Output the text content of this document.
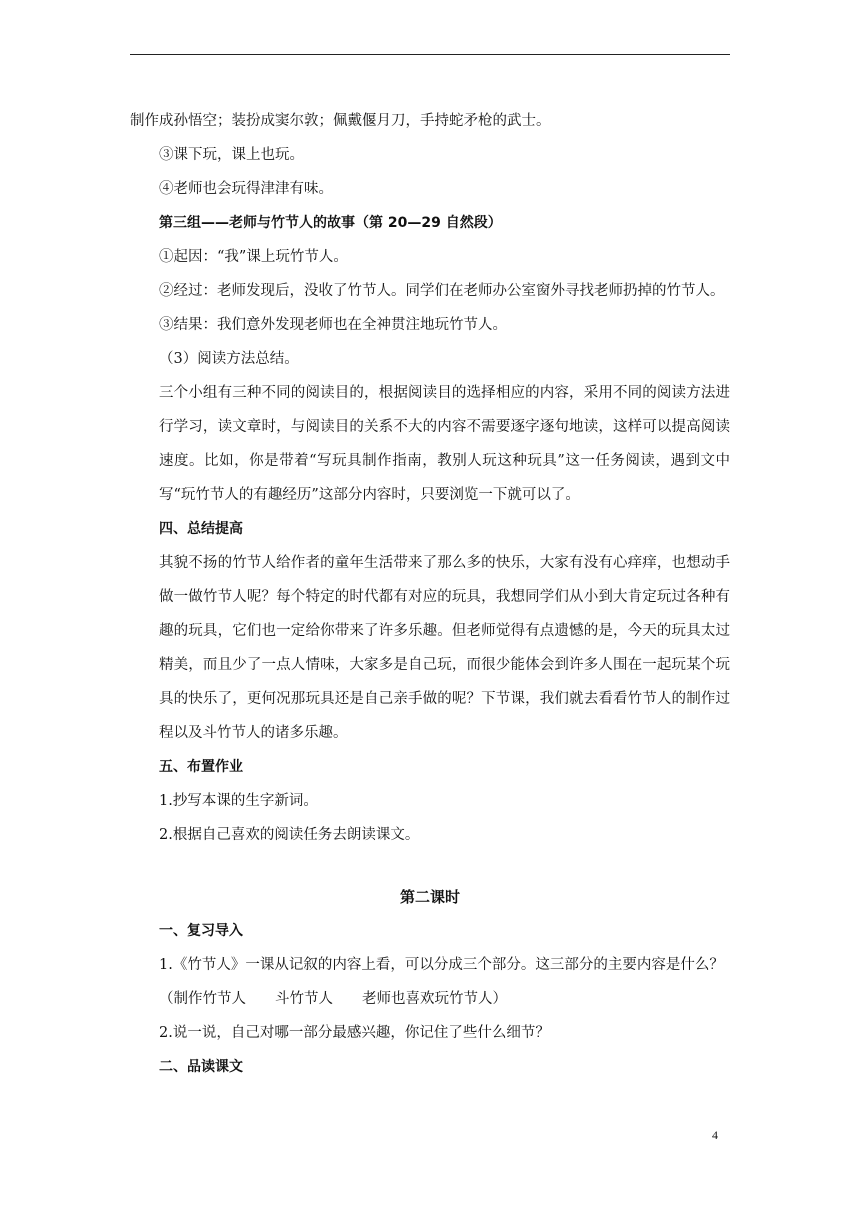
制作成孙悟空；装扮成窦尔敦；佩戴偃月刀，手持蛇矛枪的武士。

③课下玩，课上也玩。

④老师也会玩得津津有味。

第三组——老师与竹节人的故事（第 20—29 自然段）

①起因：“我”课上玩竹节人。

②经过：老师发现后，没收了竹节人。同学们在老师办公室窗外寻找老师扔掉的竹节人。

③结果：我们意外发现老师也在全神贯注地玩竹节人。

（3）阅读方法总结。

三个小组有三种不同的阅读目的，根据阅读目的选择相应的内容，采用不同的阅读方法进行学习，读文章时，与阅读目的关系不大的内容不需要逐字逐句地读，这样可以提高阅读速度。比如，你是带着“写玩具制作指南，教别人玩这种玩具”这一任务阅读，遇到文中写“玩竹节人的有趣经历”这部分内容时，只要浏览一下就可以了。

四、总结提高

其貌不扬的竹节人给作者的童年生活带来了那么多的快乐，大家有没有心痒痒，也想动手做一做竹节人呢？每个特定的时代都有对应的玩具，我想同学们从小到大肯定玩过各种有趣的玩具，它们也一定给你带来了许多乐趣。但老师觉得有点遗憾的是，今天的玩具太过精美，而且少了一点人情味，大家多是自己玩，而很少能体会到许多人围在一起玩某个玩具的快乐了，更何况那玩具还是自己亲手做的呢？下节课，我们就去看看竹节人的制作过程以及斗竹节人的诸多乐趣。

五、布置作业

1.抄写本课的生字新词。

2.根据自己喜欢的阅读任务去朗读课文。

第二课时

一、复习导入

1.《竹节人》一课从记叙的内容上看，可以分成三个部分。这三部分的主要内容是什么？

（制作竹节人　　斗竹节人　　老师也喜欢玩竹节人）

2.说一说，自己对哪一部分最感兴趣，你记住了些什么细节？

二、品读课文

4
